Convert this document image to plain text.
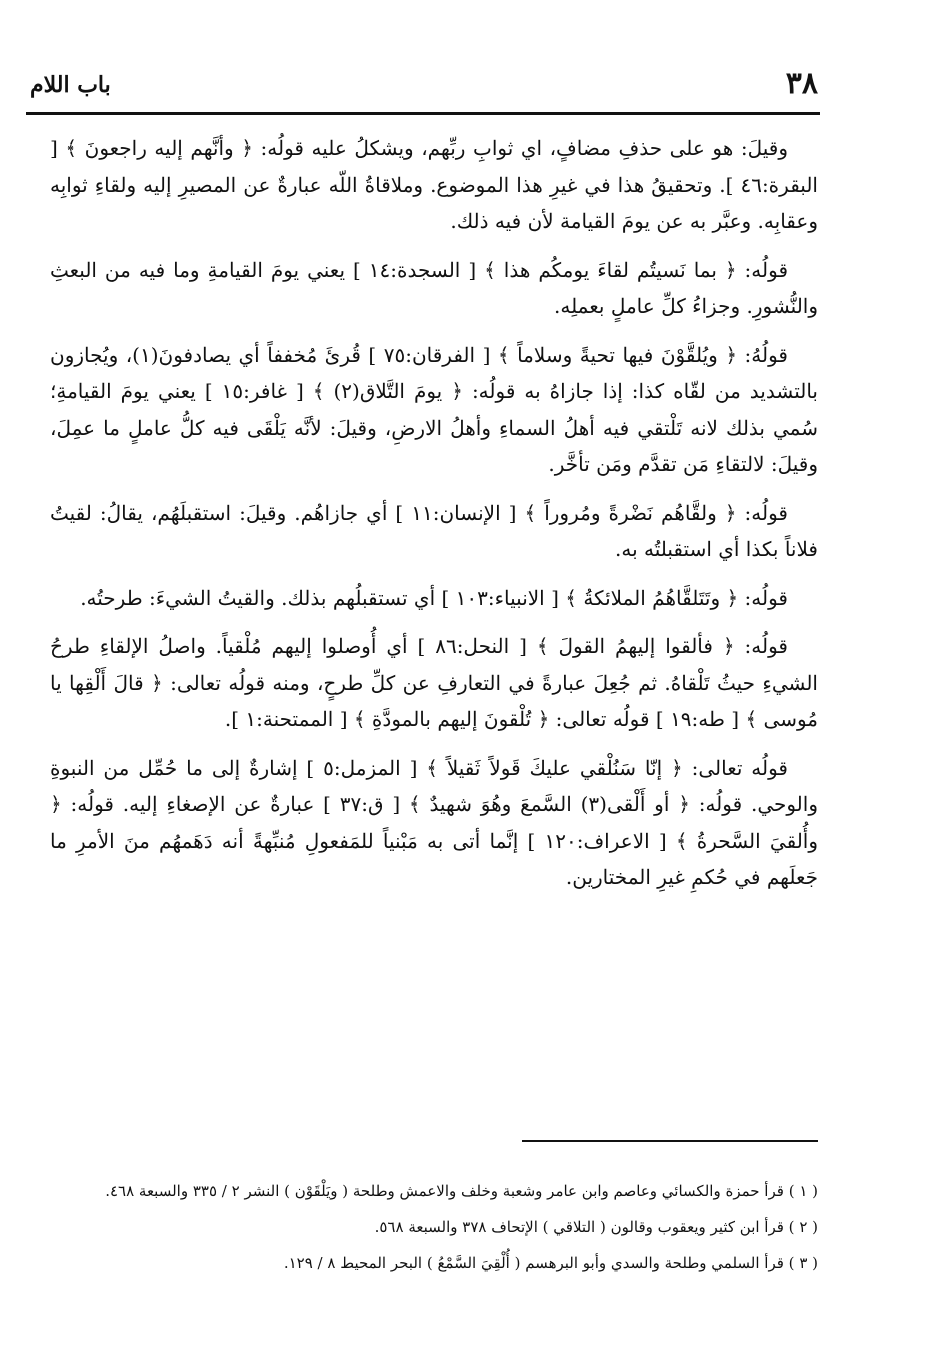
٣٨
باب اللام

وقيلَ: هو على حذفِ مضافٍ، اي ثوابِ ربِّهم، ويشكلُ عليه قولُه: ﴿ وأنَّهم إليه راجعونَ ﴾ [ البقرة:٤٦ ]. وتحقيقُ هذا في غيرِ هذا الموضوع. وملاقاةُ اللّه عبارةٌ عن المصيرِ إليه ولقاءِ ثوابِه وعقابِه. وعبَّر به عن يومَ القيامة لأن فيه ذلك.

قولُه: ﴿ بما نَسيتُم لقاءَ يومكُم هذا ﴾ [ السجدة:١٤ ] يعني يومَ القيامةِ وما فيه من البعثِ والنُّشورِ. وجزاءُ كلِّ عاملٍ بعملِه.

قولُهُ: ﴿ ويُلقَّوْنَ فيها تحيةً وسلاماً ﴾ [ الفرقان:٧٥ ] قُرئَ مُخففاً أي يصادفونَ(١)، ويُجازون بالتشديد من لقّاه كذا: إذا جازاهُ به قولُه: ﴿ يومَ التَّلاق(٢) ﴾ [ غافر:١٥ ] يعني يومَ القيامةِ؛ سُمي بذلك لانه تَلْتقي فيه أهلُ السماءِ وأهلُ الارضِ، وقيلَ: لأنَّه يَلْقَى فيه كلُّ عاملٍ ما عمِلَ، وقيلَ: لالتقاءِ مَن تقدَّم ومَن تأخَّر.

قولُه: ﴿ ولقَّاهُم نَضْرةً ومُروراً ﴾ [ الإنسان:١١ ] أي جازاهُم. وقيلَ: استقبلَهُم، يقالُ: لقيتُ فلاناً بكذا أي استقبلتُه به.

قولُه: ﴿ وتَتَلقَّاهُمُ الملائكةُ ﴾ [ الانبياء:١٠٣ ] أي تستقبلُهم بذلك. والقيتُ الشيءَ: طرحتُه.

قولُه: ﴿ فألقوا إليهمُ القولَ ﴾ [ النحل:٨٦ ] أي أُوصلوا إليهم مُلْقياً. واصلُ الإلقاءِ طرحُ الشيءِ حيثُ تَلْقاهُ. ثم جُعِلَ عبارةً في التعارفِ عن كلِّ طرحٍ، ومنه قولُه تعالى: ﴿ قالَ أَلْقِها يا مُوسى ﴾ [ طه:١٩ ] قولُه تعالى: ﴿ تُلْقونَ إليهم بالمودَّةِ ﴾ [ الممتحنة:١ ].

قولُه تعالى: ﴿ إنّا سَنُلْقي عليكَ قَولاً ثَقيلاً ﴾ [ المزمل:٥ ] إشارةٌ إلى ما حُمِّل من النبوةِ والوحي. قولُه: ﴿ أو أَلْقى(٣) السَّمعَ وهُوَ شهيدٌ ﴾ [ ق:٣٧ ] عبارةٌ عن الإصغاءِ إليه. قولُه: ﴿ وأُلقيَ السَّحرةُ ﴾ [ الاعراف:١٢٠ ] إنَّما أتى به مَبْنياً للمَفعولِ مُنبِّهةً أنه دَهَمهُم منَ الأمرِ ما جَعلَهم في حُكمِ غيرِ المختارين.

( ١ ) قرأ حمزة والكسائي وعاصم وابن عامر وشعبة وخلف والاعمش وطلحة ( ويَلْقَوْن ) النشر ٢ / ٣٣٥ والسبعة ٤٦٨.

( ٢ ) قرأ ابن كثير ويعقوب وقالون ( التلاقي ) الإتحاف ٣٧٨ والسبعة ٥٦٨.

( ٣ ) قرأ السلمي وطلحة والسدي وأبو البرهسم ( أُلْقِيَ السَّمْعُ ) البحر المحيط ٨ / ١٢٩.
